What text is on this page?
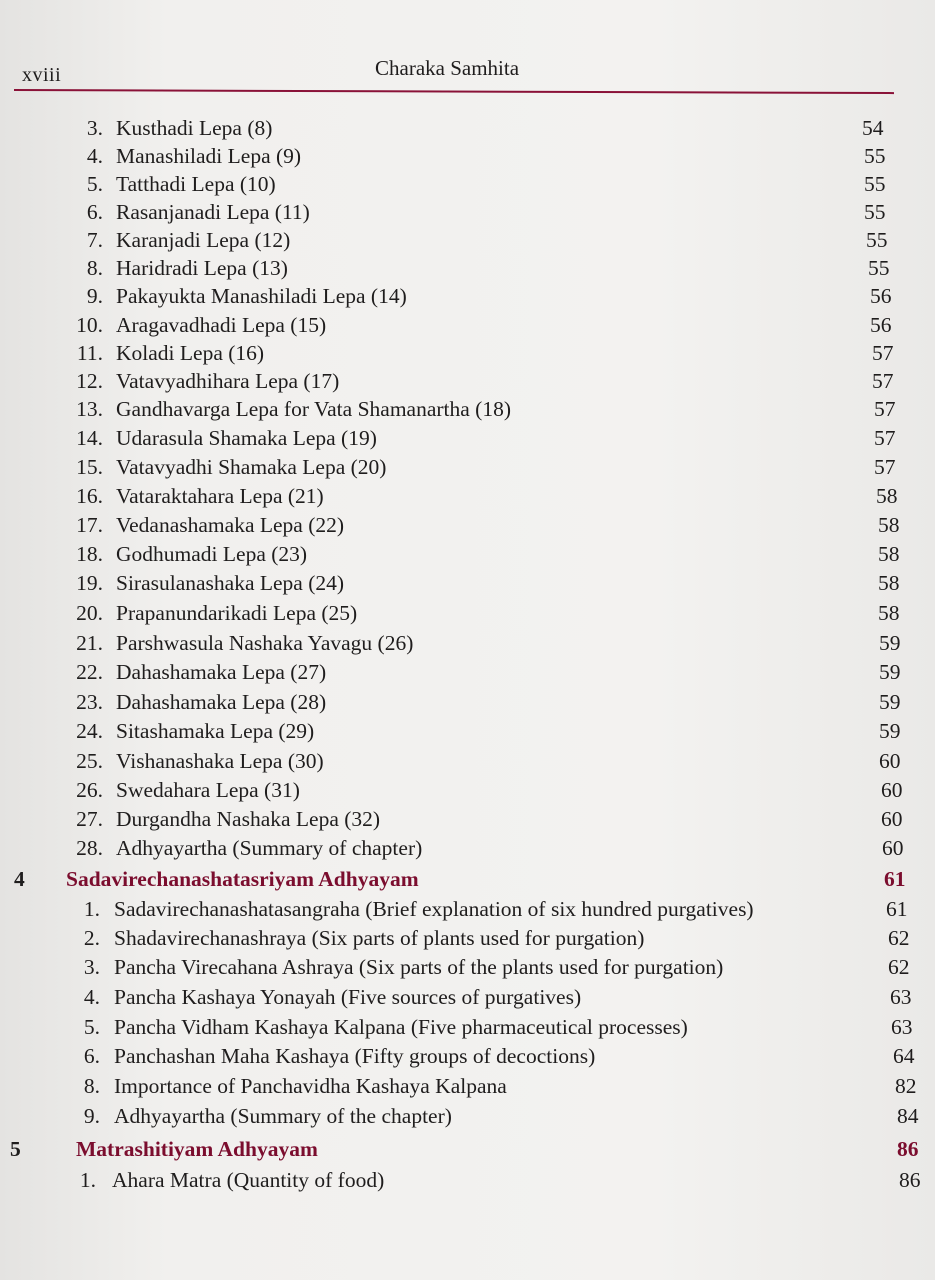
xviii	Charaka Samhita
3. Kusthadi Lepa (8)	54
4. Manashiladi Lepa (9)	55
5. Tatthadi Lepa (10)	55
6. Rasanjanadi Lepa (11)	55
7. Karanjadi Lepa (12)	55
8. Haridradi Lepa (13)	55
9. Pakayukta Manashiladi Lepa (14)	56
10. Aragavadhadi Lepa (15)	56
11. Koladi Lepa (16)	57
12. Vatavyadhihara Lepa (17)	57
13. Gandhavarga Lepa for Vata Shamanartha (18)	57
14. Udarasula Shamaka Lepa (19)	57
15. Vatavyadhi Shamaka Lepa (20)	57
16. Vataraktahara Lepa (21)	58
17. Vedanashamaka Lepa (22)	58
18. Godhumadi Lepa (23)	58
19. Sirasulanashaka Lepa (24)	58
20. Prapanundarikadi Lepa (25)	58
21. Parshwasula Nashaka Yavagu (26)	59
22. Dahashamaka Lepa (27)	59
23. Dahashamaka Lepa (28)	59
24. Sitashamaka Lepa (29)	59
25. Vishanashaka Lepa (30)	60
26. Swedahara Lepa (31)	60
27. Durgandha Nashaka Lepa (32)	60
28. Adhyayartha (Summary of chapter)	60
4 Sadavirechanashatasriyam Adhyayam	61
1. Sadavirechanashatasangraha (Brief explanation of six hundred purgatives)	61
2. Shadavirechanashraya (Six parts of plants used for purgation)	62
3. Pancha Virecahana Ashraya (Six parts of the plants used for purgation)	62
4. Pancha Kashaya Yonayah (Five sources of purgatives)	63
5. Pancha Vidham Kashaya Kalpana (Five pharmaceutical processes)	63
6. Panchashan Maha Kashaya (Fifty groups of decoctions)	64
8. Importance of Panchavidha Kashaya Kalpana	82
9. Adhyayartha (Summary of the chapter)	84
5	Matrashitiyam Adhyayam	86
1. Ahara Matra (Quantity of food)	86
